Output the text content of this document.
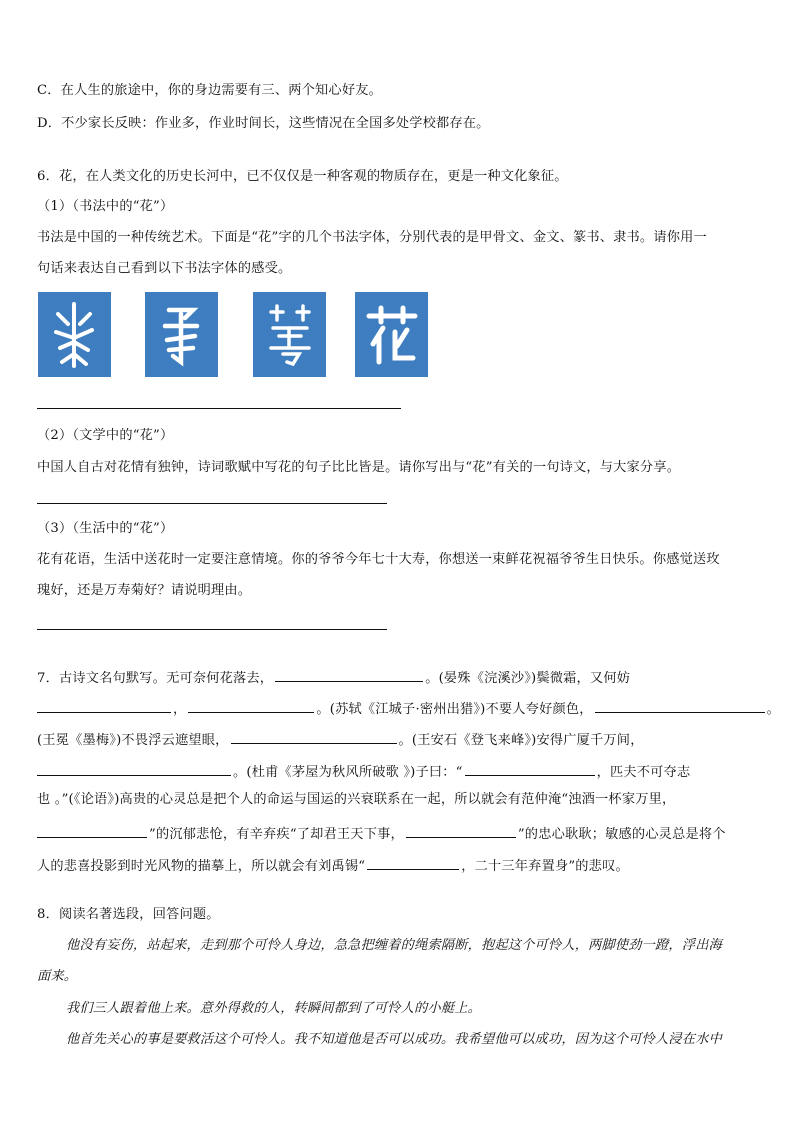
C．在人生的旅途中，你的身边需要有三、两个知心好友。
D．不少家长反映：作业多，作业时间长，这些情况在全国多处学校都存在。
6．花，在人类文化的历史长河中，已不仅仅是一种客观的物质存在，更是一种文化象征。
（1）（书法中的“花”）
书法是中国的一种传统艺术。下面是“花”字的几个书法字体，分别代表的是甲骨文、金文、篆书、隶书。请你用一
句话来表达自己看到以下书法字体的感受。
（2）（文学中的“花”）
中国人自古对花情有独钟，诗词歌赋中写花的句子比比皆是。请你写出与“花”有关的一句诗文，与大家分享。
（3）（生活中的“花”）
花有花语，生活中送花时一定要注意情境。你的爷爷今年七十大寿，你想送一束鲜花祝福爷爷生日快乐。你感觉送玫
瑰好，还是万寿菊好？请说明理由。
7．古诗文名句默写。无可奈何花落去，	。(晏殊《浣溪沙》)鬓微霜，又何妨
，	。(苏轼《江城子·密州出猎》)不要人夸好颜色，	。
(王冕《墨梅》)不畏浮云遮望眼，	。(王安石《登飞来峰》)安得广厦千万间，
。(杜甫《茅屋为秋风所破歌 》)子曰：“	，匹夫不可夺志
也 。”(《论语》)高贵的心灵总是把个人的命运与国运的兴衰联系在一起，所以就会有范仲淹“浊酒一杯家万里，
”的沉郁悲怆，有辛弃疾“了却君王天下事，	”的忠心耿耿；敏感的心灵总是将个
人的悲喜投影到时光风物的描摹上，所以就会有刘禹锡“	，二十三年弃置身”的悲叹。
8．阅读名著选段，回答问题。
他没有妄伤，站起来，走到那个可怜人身边，急急把缠着的绳索隔断，抱起这个可怜人，两脚使劲一蹬，浮出海
面来。
我们三人跟着他上来。意外得救的人，转瞬间都到了可怜人的小艇上。
他首先关心的事是要救活这个可怜人。我不知道他是否可以成功。我希望他可以成功，因为这个可怜人浸在水中
